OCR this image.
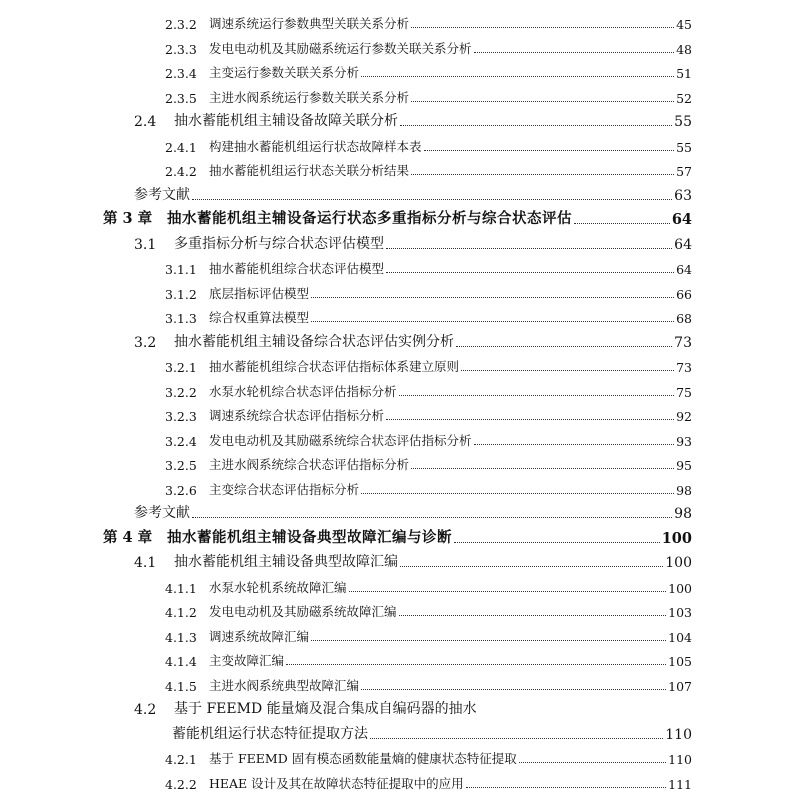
2.3.2 调速系统运行参数典型关联关系分析	45
2.3.3 发电电动机及其励磁系统运行参数关联关系分析	48
2.3.4 主变运行参数关联关系分析	51
2.3.5 主进水阀系统运行参数关联关系分析	52
2.4	抽水蓄能机组主辅设备故障关联分析	55
2.4.1 构建抽水蓄能机组运行状态故障样本表	55
2.4.2 抽水蓄能机组运行状态关联分析结果	57
参考文献	63
第 3 章	抽水蓄能机组主辅设备运行状态多重指标分析与综合状态评估	64
3.1	多重指标分析与综合状态评估模型	64
3.1.1 抽水蓄能机组综合状态评估模型	64
3.1.2 底层指标评估模型	66
3.1.3 综合权重算法模型	68
3.2	抽水蓄能机组主辅设备综合状态评估实例分析	73
3.2.1 抽水蓄能机组综合状态评估指标体系建立原则	73
3.2.2 水泵水轮机综合状态评估指标分析	75
3.2.3 调速系统综合状态评估指标分析	92
3.2.4 发电电动机及其励磁系统综合状态评估指标分析	93
3.2.5 主进水阀系统综合状态评估指标分析	95
3.2.6 主变综合状态评估指标分析	98
参考文献	98
第 4 章	抽水蓄能机组主辅设备典型故障汇编与诊断	100
4.1	抽水蓄能机组主辅设备典型故障汇编	100
4.1.1 水泵水轮机系统故障汇编	100
4.1.2 发电电动机及其励磁系统故障汇编	103
4.1.3 调速系统故障汇编	104
4.1.4 主变故障汇编	105
4.1.5 主进水阀系统典型故障汇编	107
4.2	基于 FEEMD 能量熵及混合集成自编码器的抽水
蓄能机组运行状态特征提取方法	110
4.2.1 基于 FEEMD 固有模态函数能量熵的健康状态特征提取	110
4.2.2 HEAE 设计及其在故障状态特征提取中的应用	111
